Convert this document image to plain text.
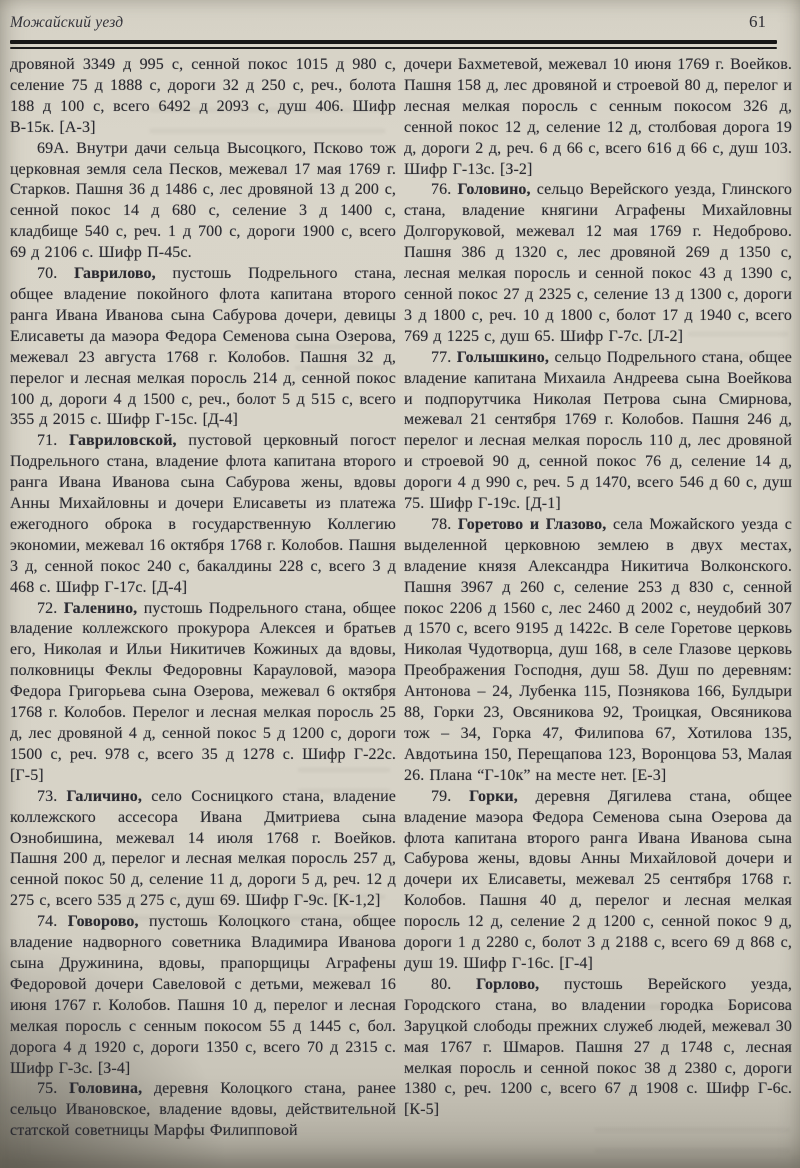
Можайский уезд	61

дровяной 3349 д 995 с, сенной покос 1015 д 980 с, селение 75 д 1888 с, дороги 32 д 250 с, реч., болота 188 д 100 с, всего 6492 д 2093 с, душ 406. Шифр В-15к. [А-3]

69А. Внутри дачи сельца Высоцкого, Псково тож церковная земля села Песков, межевал 17 мая 1769 г. Старков. Пашня 36 д 1486 с, лес дровяной 13 д 200 с, сенной покос 14 д 680 с, селение 3 д 1400 с, кладбище 540 с, реч. 1 д 700 с, дороги 1900 с, всего 69 д 2106 с. Шифр П-45с.

70. Гаврилово, пустошь Подрельного стана, общее владение покойного флота капитана второго ранга Ивана Иванова сына Сабурова дочери, девицы Елисаветы да маэора Федора Семенова сына Озерова, межевал 23 августа 1768 г. Колобов. Пашня 32 д, перелог и лесная мелкая поросль 214 д, сенной покос 100 д, дороги 4 д 1500 с, реч., болот 5 д 515 с, всего 355 д 2015 с. Шифр Г-15с. [Д-4]

71. Гавриловской, пустовой церковный погост Подрельного стана, владение флота капитана второго ранга Ивана Иванова сына Сабурова жены, вдовы Анны Михайловны и дочери Елисаветы из платежа ежегодного оброка в государственную Коллегию экономии, межевал 16 октября 1768 г. Колобов. Пашня 3 д, сенной покос 240 с, бакалдины 228 с, всего 3 д 468 с. Шифр Г-17с. [Д-4]

72. Галенино, пустошь Подрельного стана, общее владение коллежского прокурора Алексея и братьев его, Николая и Ильи Никитичев Кожиных да вдовы, полковницы Феклы Федоровны Карауловой, маэора Федора Григорьева сына Озерова, межевал 6 октября 1768 г. Колобов. Перелог и лесная мелкая поросль 25 д, лес дровяной 4 д, сенной покос 5 д 1200 с, дороги 1500 с, реч. 978 с, всего 35 д 1278 с. Шифр Г-22с. [Г-5]

73. Галичино, село Сосницкого стана, владение коллежского ассесора Ивана Дмитриева сына Ознобишина, межевал 14 июля 1768 г. Воейков. Пашня 200 д, перелог и лесная мелкая поросль 257 д, сенной покос 50 д, селение 11 д, дороги 5 д, реч. 12 д 275 с, всего 535 д 275 с, душ 69. Шифр Г-9с. [К-1,2]

74. Говорово, пустошь Колоцкого стана, общее владение надворного советника Владимира Иванова сына Дружинина, вдовы, прапорщицы Аграфены Федоровой дочери Савеловой с детьми, межевал 16 июня 1767 г. Колобов. Пашня 10 д, перелог и лесная мелкая поросль с сенным покосом 55 д 1445 с, бол. дорога 4 д 1920 с, дороги 1350 с, всего 70 д 2315 с. Шифр Г-3с. [З-4]

75. Головина, деревня Колоцкого стана, ранее сельцо Ивановское, владение вдовы, действительной статской советницы Марфы Филипповой

дочери Бахметевой, межевал 10 июня 1769 г. Воейков. Пашня 158 д, лес дровяной и строевой 80 д, перелог и лесная мелкая поросль с сенным покосом 326 д, сенной покос 12 д, селение 12 д, столбовая дорога 19 д, дороги 2 д, реч. 6 д 66 с, всего 616 д 66 с, душ 103. Шифр Г-13с. [З-2]

76. Головино, сельцо Верейского уезда, Глинского стана, владение княгини Аграфены Михайловны Долгоруковой, межевал 12 мая 1769 г. Недоброво. Пашня 386 д 1320 с, лес дровяной 269 д 1350 с, лесная мелкая поросль и сенной покос 43 д 1390 с, сенной покос 27 д 2325 с, селение 13 д 1300 с, дороги 3 д 1800 с, реч. 10 д 1800 с, болот 17 д 1940 с, всего 769 д 1225 с, душ 65. Шифр Г-7с. [Л-2]

77. Голышкино, сельцо Подрельного стана, общее владение капитана Михаила Андреева сына Воейкова и подпорутчика Николая Петрова сына Смирнова, межевал 21 сентября 1769 г. Колобов. Пашня 246 д, перелог и лесная мелкая поросль 110 д, лес дровяной и строевой 90 д, сенной покос 76 д, селение 14 д, дороги 4 д 990 с, реч. 5 д 1470, всего 546 д 60 с, душ 75. Шифр Г-19с. [Д-1]

78. Горетово и Глазово, села Можайского уезда с выделенной церковною землею в двух местах, владение князя Александра Никитича Волконского. Пашня 3967 д 260 с, селение 253 д 830 с, сенной покос 2206 д 1560 с, лес 2460 д 2002 с, неудобий 307 д 1570 с, всего 9195 д 1422с. В селе Горетове церковь Николая Чудотворца, душ 168, в селе Глазове церковь Преображения Господня, душ 58. Душ по деревням: Антонова – 24, Лубенка 115, Познякова 166, Булдыри 88, Горки 23, Овсяникова 92, Троицкая, Овсяникова тож – 34, Горка 47, Филипова 67, Хотилова 135, Авдотьина 150, Перещапова 123, Воронцова 53, Малая 26. Плана “Г-10к” на месте нет. [Е-3]

79. Горки, деревня Дягилева стана, общее владение маэора Федора Семенова сына Озерова да флота капитана второго ранга Ивана Иванова сына Сабурова жены, вдовы Анны Михайловой дочери и дочери их Елисаветы, межевал 25 сентября 1768 г. Колобов. Пашня 40 д, перелог и лесная мелкая поросль 12 д, селение 2 д 1200 с, сенной покос 9 д, дороги 1 д 2280 с, болот 3 д 2188 с, всего 69 д 868 с, душ 19. Шифр Г-16с. [Г-4]

80. Горлово, пустошь Верейского уезда, Городского стана, во владении городка Борисова Заруцкой слободы прежних служеб людей, межевал 30 мая 1767 г. Шмаров. Пашня 27 д 1748 с, лесная мелкая поросль и сенной покос 38 д 2380 с, дороги 1380 с, реч. 1200 с, всего 67 д 1908 с. Шифр Г-6с. [К-5]
